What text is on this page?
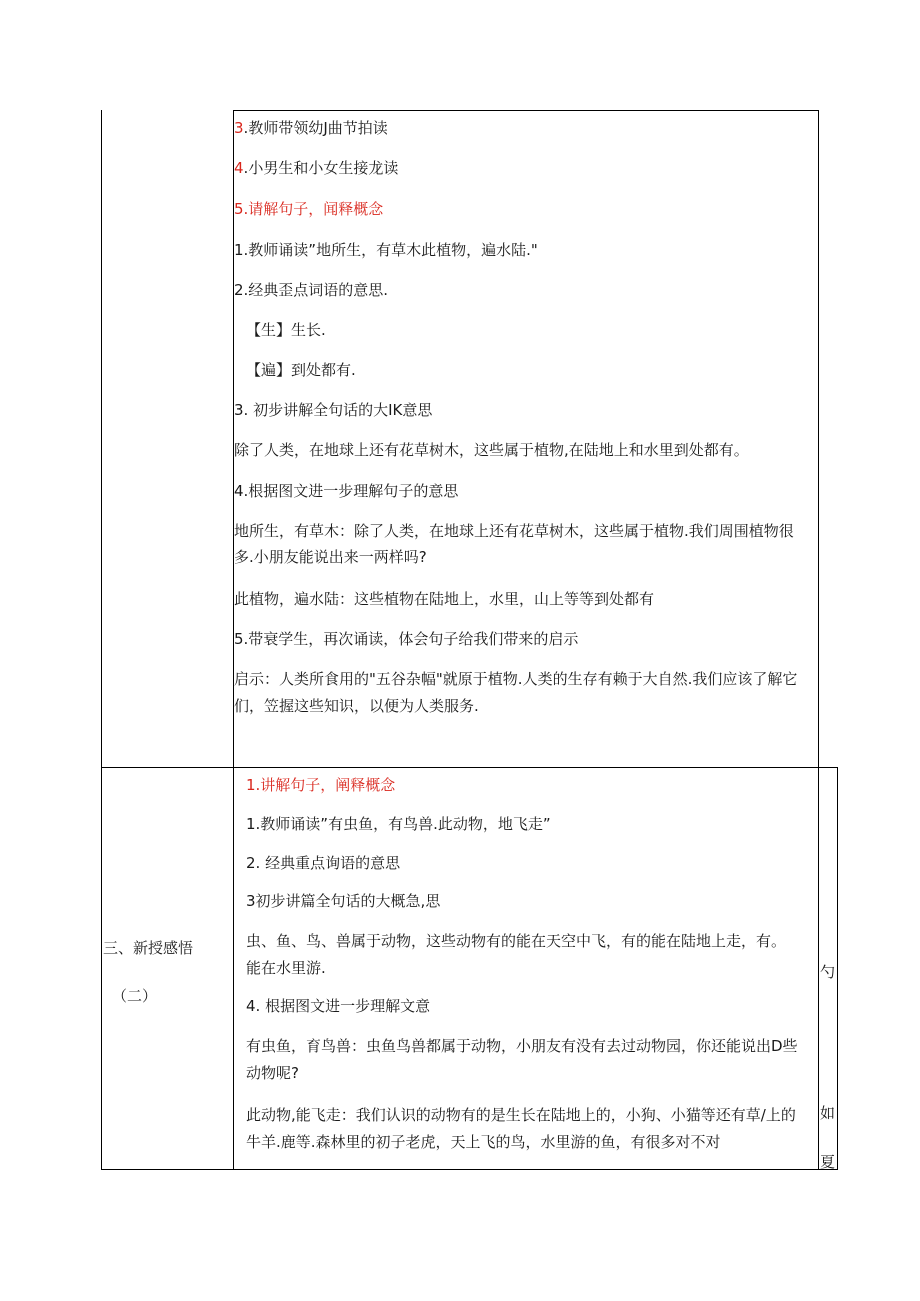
3.教师带领幼J曲节拍读
4.小男生和小女生接龙读
5.请解句子，闻释概念
1.教师诵读”地所生，有草木此植物，遍水陆."
2.经典歪点词语的意思.
【生】生长.
【遍】到处都有.
3. 初步讲解全句话的大IK意思
除了人类，在地球上还有花草树木，这些属于植物,在陆地上和水里到处都有。
4.根据图文进一步理解句子的意思
地所生，有草木：除了人类，在地球上还有花草树木，这些属于植物.我们周围植物很
多.小朋友能说出来一两样吗?
此植物，遍水陆：这些植物在陆地上，水里，山上等等到处都有
5.带衰学生，再次诵读，体会句子给我们带来的启示
启示：人类所食用的"五谷杂幅"就原于植物.人类的生存有赖于大自然.我们应该了解它
们，笠握这些知识，以便为人类服务.
三、新授感悟
（二）
1.讲解句子，阐释概念
1.教师诵读”有虫鱼，有鸟兽.此动物，地飞走”
2. 经典重点询语的意思
3初步讲篇全句话的大概急,思
虫、鱼、鸟、兽属于动物，这些动物有的能在天空中飞，有的能在陆地上走，有。
能在水里游.
4. 根据图文进一步理解文意
有虫鱼，育鸟兽：虫鱼鸟兽都属于动物，小朋友有没有去过动物园，你还能说出D些
动物呢?
此动物,能飞走：我们认识的动物有的是生长在陆地上的，小狗、小猫等还有草/上的
牛羊.鹿等.森林里的初子老虎，天上飞的鸟，水里游的鱼，有很多对不对
勺
如
夏
